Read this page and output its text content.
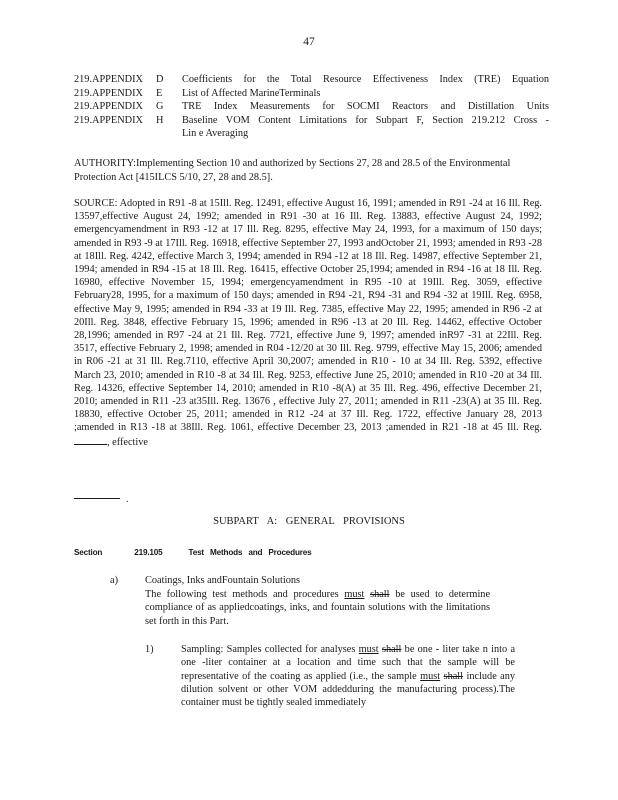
47
219.APPENDIX	D	Coefficients for the Total Resource Effectiveness Index (TRE) Equation
219.APPENDIX	E	List of Affected MarineTerminals
219.APPENDIX	G	TRE Index Measurements for SOCMI Reactors and Distillation Units
219.APPENDIX	H	Baseline VOM Content Limitations for Subpart F, Section 219.212 Cross -
Lin e Averaging
AUTHORITY:Implementing Section 10 and authorized by Sections 27, 28 and 28.5 of the Environmental Protection Act [415ILCS 5/10, 27, 28 and 28.5].
SOURCE: Adopted in R91 -8 at 15Ill. Reg. 12491, effective August 16, 1991; amended in R91 -24 at 16 Ill. Reg. 13597,effective August 24, 1992; amended in R91 -30 at 16 Ill. Reg. 13883, effective August 24, 1992; emergencyamendment in R93 -12 at 17 Ill. Reg. 8295, effective May 24, 1993, for a maximum of 150 days; amended in R93 -9 at 17Ill. Reg. 16918, effective September 27, 1993 andOctober 21, 1993; amended in R93 -28 at 18Ill. Reg. 4242, effective March 3, 1994; amended in R94 -12 at 18 Ill. Reg. 14987, effective September 21, 1994; amended in R94 -15 at 18 Ill. Reg. 16415, effective October 25,1994; amended in R94 -16 at 18 Ill. Reg. 16980, effective November 15, 1994; emergencyamendment in R95 -10 at 19Ill. Reg. 3059, effective February28, 1995, for a maximum of 150 days; amended in R94 -21, R94 -31 and R94 -32 at 19Ill. Reg. 6958, effective May 9, 1995; amended in R94 -33 at 19 Ill. Reg. 7385, effective May 22, 1995; amended in R96 -2 at 20Ill. Reg. 3848, effective February 15, 1996; amended in R96 -13 at 20 Ill. Reg. 14462, effective October 28,1996; amended in R97 -24 at 21 Ill. Reg. 7721, effective June 9, 1997; amended inR97 -31 at 22Ill. Reg. 3517, effective February 2, 1998; amended in R04 -12/20 at 30 Ill. Reg. 9799, effective May 15, 2006; amended in R06 -21 at 31 Ill. Reg.7110, effective April 30,2007; amended in R10 - 10 at 34 Ill. Reg. 5392, effective March 23, 2010; amended in R10 -8 at 34 Ill. Reg. 9253, effective June 25, 2010; amended in R10 -20 at 34 Ill. Reg. 14326, effective September 14, 2010; amended in R10 -8(A) at 35 Ill. Reg. 496, effective December 21, 2010; amended in R11 -23 at35Ill. Reg. 13676 , effective July 27, 2011; amended in R11 -23(A) at 35 Ill. Reg. 18830, effective October 25, 2011; amended in R12 -24 at 37 Ill. Reg. 1722, effective January 28, 2013 ;amended in R13 -18 at 38Ill. Reg. 1061, effective December 23, 2013 ;amended in R21 -18 at 45 Ill. Reg., effective
.
SUBPART A: GENERAL PROVISIONS
Section	219.105	Test Methods and Procedures
a)	Coatings, Inks andFountain Solutions
The following test methods and procedures must shall be used to determine compliance of as appliedcoatings, inks, and fountain solutions with the limitations set forth in this Part.
1)	Sampling: Samples collected for analyses must shall be one - liter take n into a one -liter container at a location and time such that the sample will be representative of the coating as applied (i.e., the sample must shall include any dilution solvent or other VOM addedduring the manufacturing process).The container must be tightly sealed immediately
